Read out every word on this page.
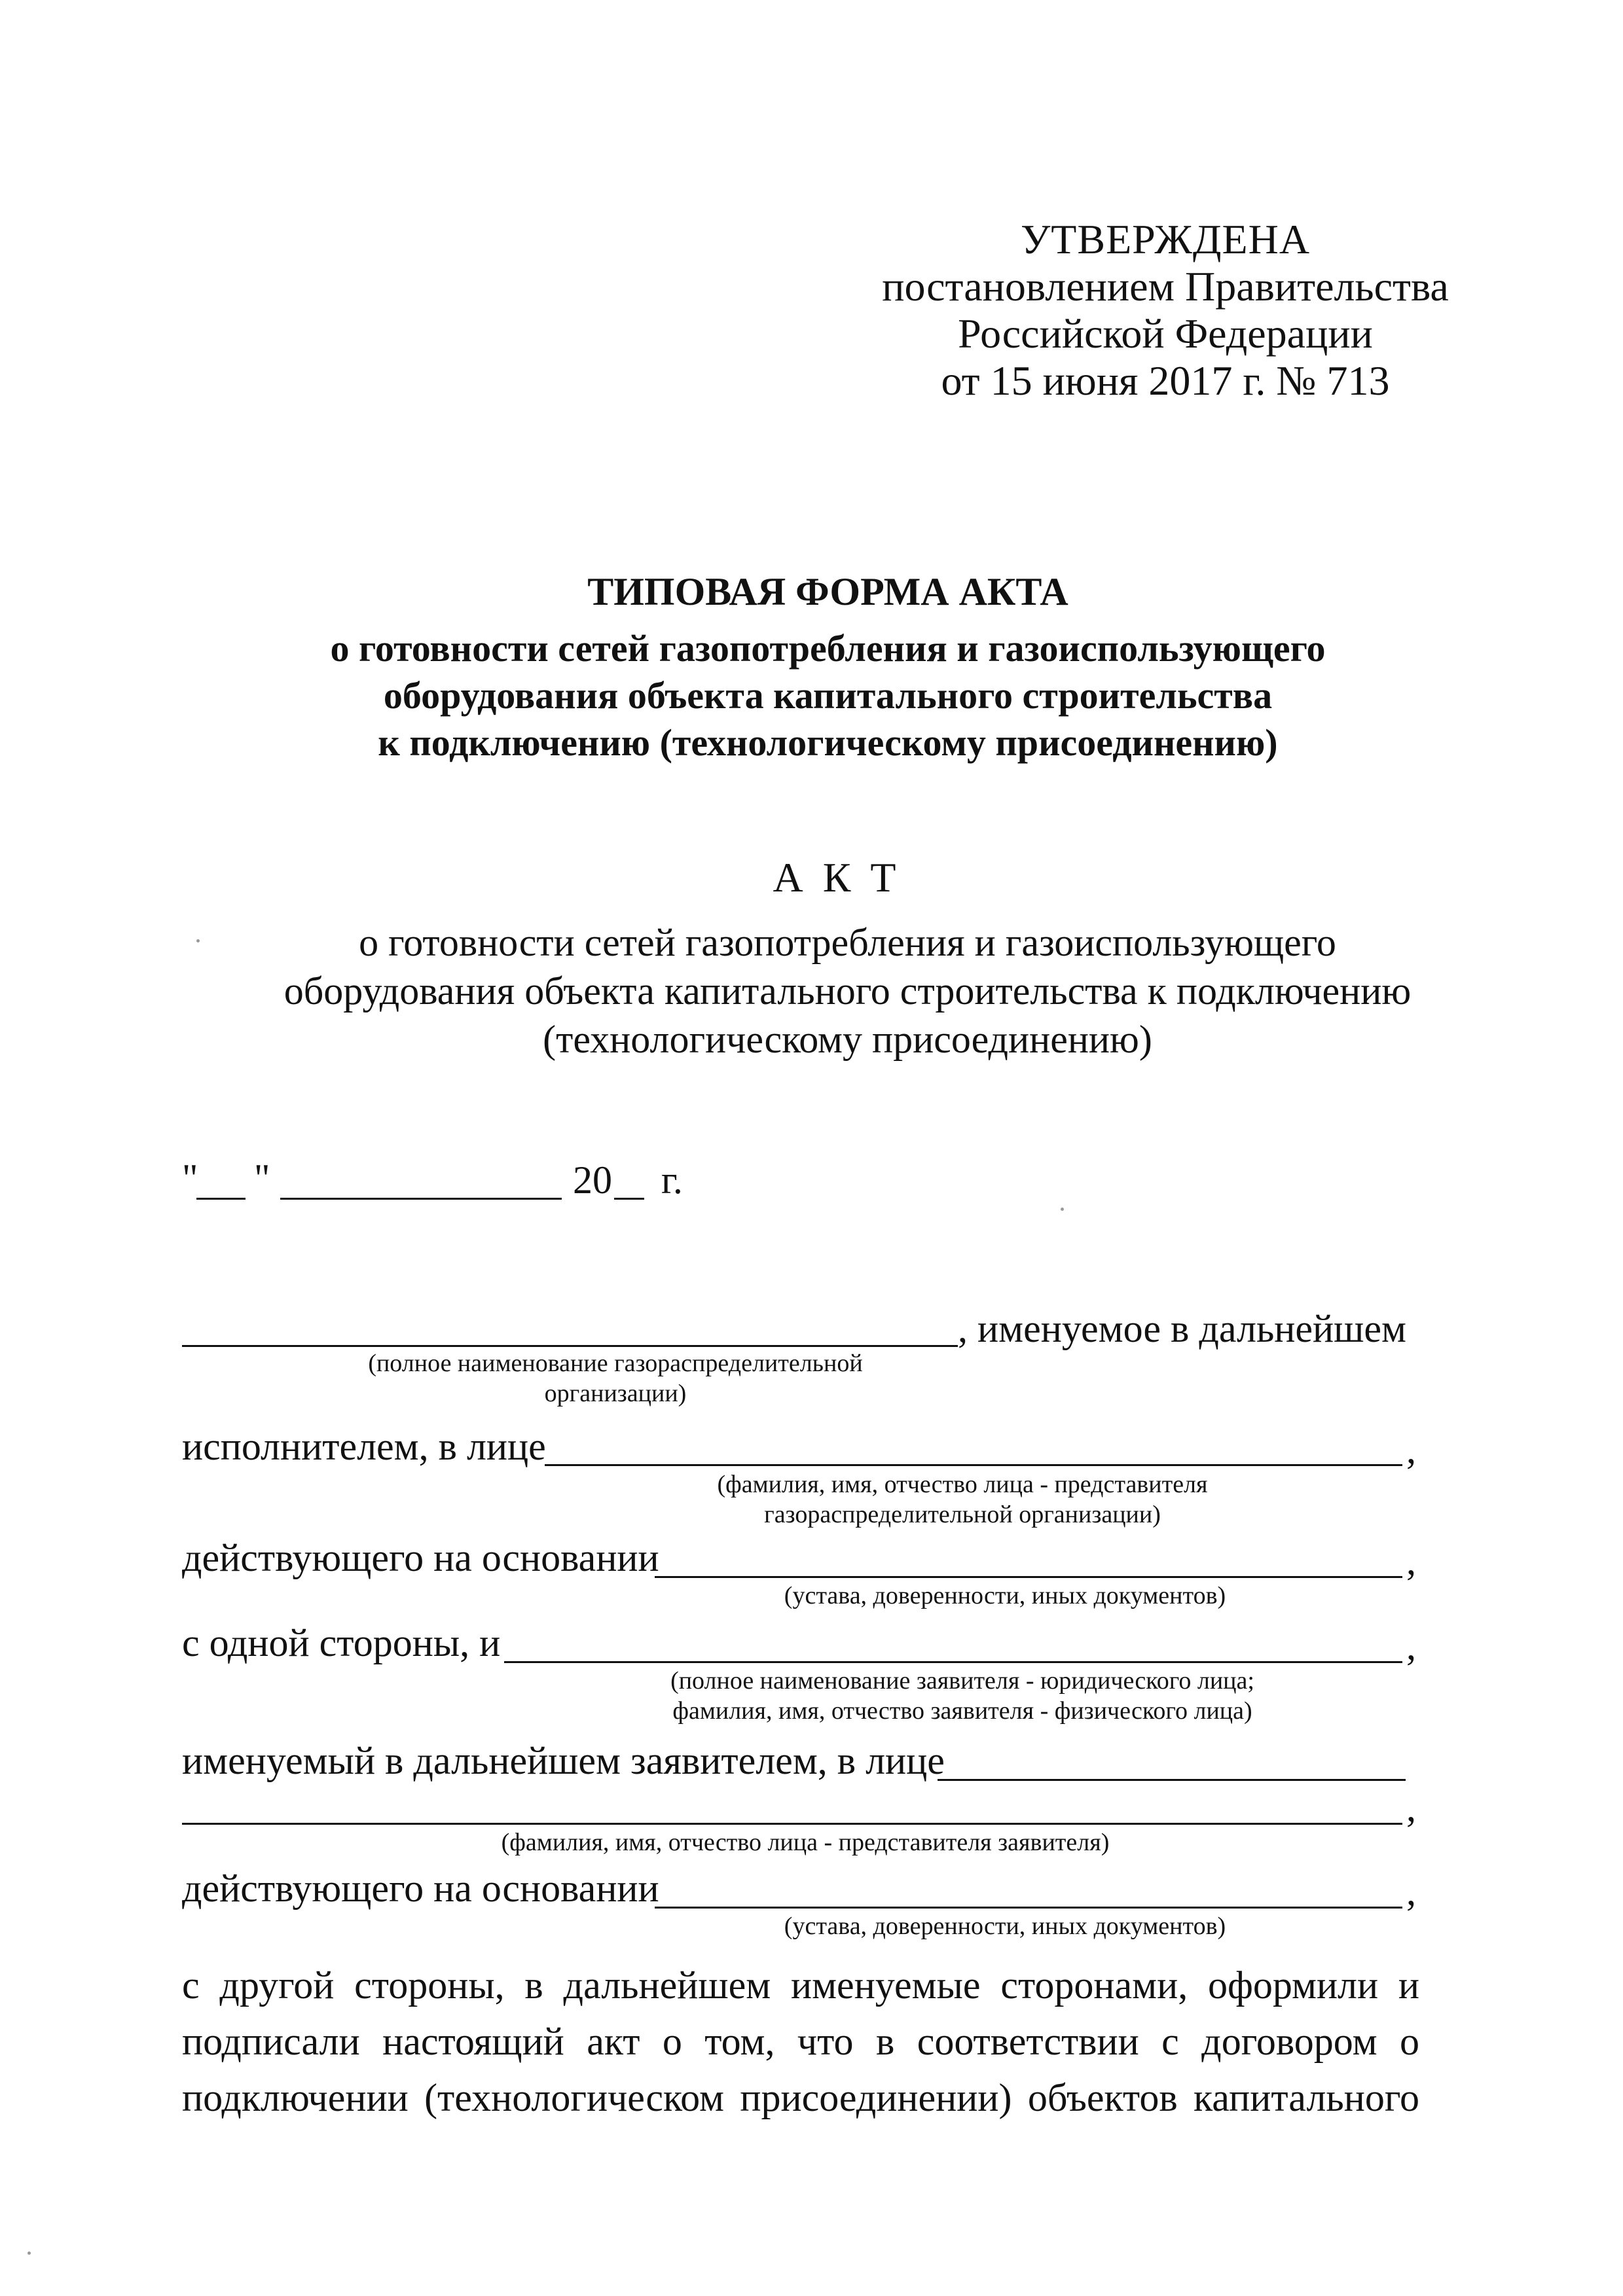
УТВЕРЖДЕНА
постановлением Правительства
Российской Федерации
от 15 июня 2017 г. № 713
ТИПОВАЯ ФОРМА АКТА
о готовности сетей газопотребления и газоиспользующего
оборудования объекта капитального строительства
к подключению (технологическому присоединению)
АКТ
о готовности сетей газопотребления и газоиспользующего
оборудования объекта капитального строительства к подключению
(технологическому присоединению)
" "	20 г.
, именуемое в дальнейшем
(полное наименование газораспределительной
организации)
исполнителем, в лице	,
(фамилия, имя, отчество лица - представителя
газораспределительной организации)
действующего на основании	,
(устава, доверенности, иных документов)
с одной стороны, и	,
(полное наименование заявителя - юридического лица;
фамилия, имя, отчество заявителя - физического лица)
именуемый в дальнейшем заявителем, в лице
,
(фамилия, имя, отчество лица - представителя заявителя)
действующего на основании	,
(устава, доверенности, иных документов)
с другой стороны, в дальнейшем именуемые сторонами, оформили и
подписали настоящий акт о том, что в соответствии с договором о
подключении (технологическом присоединении) объектов капитального
